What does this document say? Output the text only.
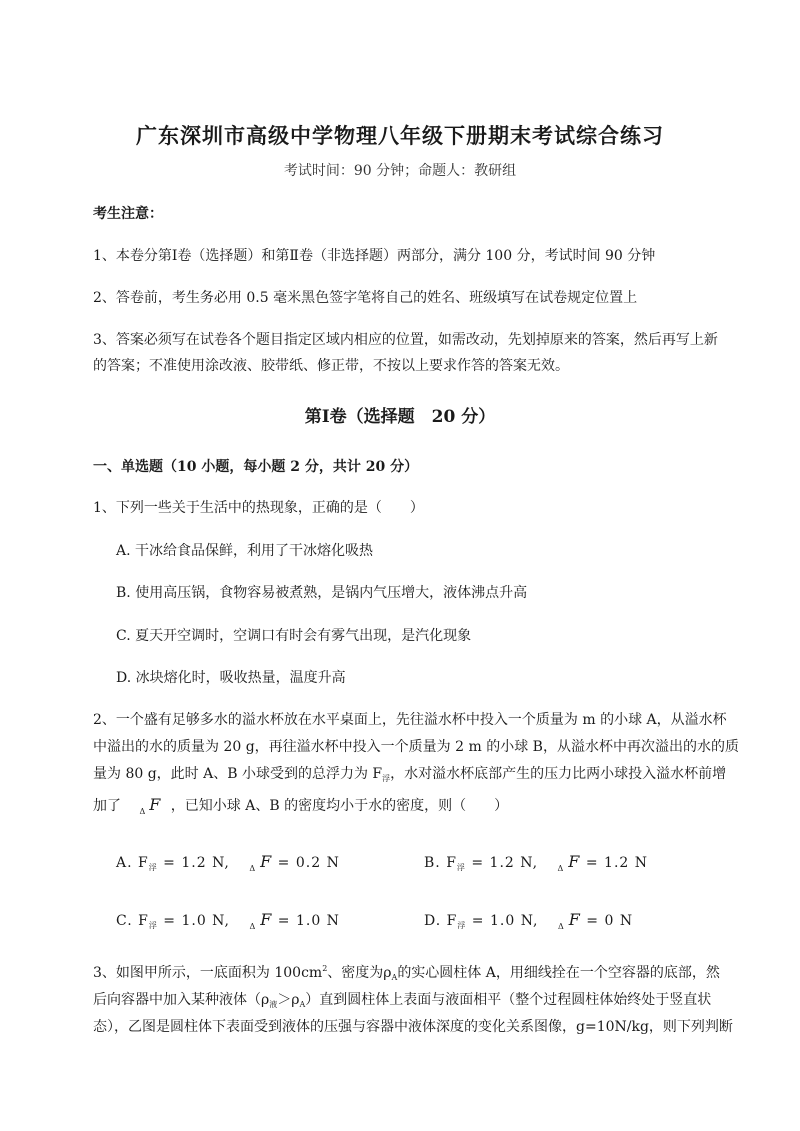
广东深圳市高级中学物理八年级下册期末考试综合练习
考试时间：90 分钟；命题人：教研组
考生注意：
1、本卷分第Ⅰ卷（选择题）和第Ⅱ卷（非选择题）两部分，满分 100 分，考试时间 90 分钟
2、答卷前，考生务必用 0.5 毫米黑色签字笔将自己的姓名、班级填写在试卷规定位置上
3、答案必须写在试卷各个题目指定区域内相应的位置，如需改动，先划掉原来的答案，然后再写上新
的答案；不准使用涂改液、胶带纸、修正带，不按以上要求作答的答案无效。
第Ⅰ卷（选择题　20 分）
一、单选题（10 小题，每小题 2 分，共计 20 分）
1、下列一些关于生活中的热现象，正确的是（　　）
A. 干冰给食品保鲜，利用了干冰熔化吸热
B. 使用高压锅，食物容易被煮熟，是锅内气压增大，液体沸点升高
C. 夏天开空调时，空调口有时会有雾气出现，是汽化现象
D. 冰块熔化时，吸收热量，温度升高
2、一个盛有足够多水的溢水杯放在水平桌面上，先往溢水杯中投入一个质量为 m 的小球 A，从溢水杯
中溢出的水的质量为 20 g，再往溢水杯中投入一个质量为 2 m 的小球 B，从溢水杯中再次溢出的水的质
量为 80 g，此时 A、B 小球受到的总浮力为 $F_浮$，水对溢水杯底部产生的压力比两小球投入溢水杯前增
加了 $_\Delta$ F ，已知小球 A、B 的密度均小于水的密度，则（　　）
A. $F_浮 = 1.2$ N, $_\Delta$ F = 0.2 N	B. $F_浮 = 1.2$ N, $_\Delta$ F = 1.2 N
C. $F_浮 = 1.0$ N, $_\Delta$ F = 1.0 N	D. $F_浮 = 1.0$ N, $_\Delta$ F = 0 N
3、如图甲所示，一底面积为 $100cm^2$、密度为$\rho_A$的实心圆柱体 A，用细线拴在一个空容器的底部，然
后向容器中加入某种液体$(\rho_液>\rho_A)$直到圆柱体上表面与液面相平（整个过程圆柱体始终处于竖直状
态），乙图是圆柱体下表面受到液体的压强与容器中液体深度的变化关系图像，g=10N/kg，则下列判断
